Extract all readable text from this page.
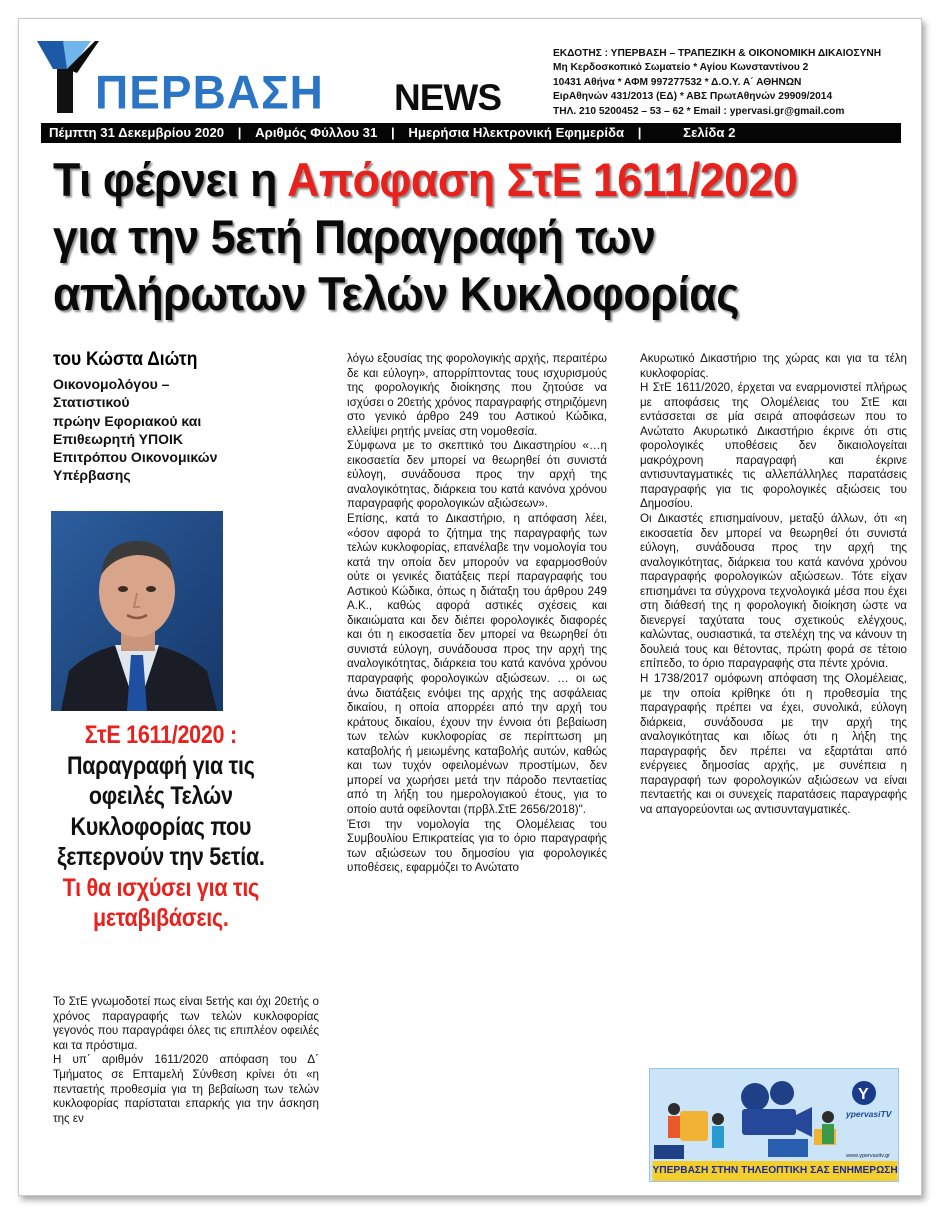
ΠΕΡΒΑΣΗ NEWS
ΕΚΔΟΤΗΣ : ΥΠΕΡΒΑΣΗ – ΤΡΑΠΕΖΙΚΗ & ΟΙΚΟΝΟΜΙΚΗ ΔΙΚΑΙΟΣΥΝΗ
Μη Κερδοσκοπικό Σωματείο * Αγίου Κωνσταντίνου 2
10431 Αθήνα * ΑΦΜ 997277532 * Δ.Ο.Υ. Α΄ ΑΘΗΝΩΝ
ΕιρΑθηνών 431/2013 (ΕΔ) * ΑΒΣ ΠρωτΑθηνών 29909/2014
ΤΗΛ. 210 5200452 – 53 – 62 * Email : ypervasi.gr@gmail.com
Πέμπτη 31 Δεκεμβρίου 2020 | Αριθμός Φύλλου 31 | Ημερήσια Ηλεκτρονική Εφημερίδα |	Σελίδα 2
Τι φέρνει η Απόφαση ΣτΕ 1611/2020
για την 5ετή Παραγραφή των
απλήρωτων Τελών Κυκλοφορίας
του Κώστα Διώτη
Οικονομολόγου –
Στατιστικού
πρώην Εφοριακού και
Επιθεωρητή ΥΠΟΙΚ
Επιτρόπου Οικονομικών
Υπέρβασης
ΣτΕ 1611/2020 :
Παραγραφή για τις οφειλές Τελών Κυκλοφορίας που ξεπερνούν την 5ετία.
Τι θα ισχύσει για τις μεταβιβάσεις.

Το ΣτΕ γνωμοδοτεί πως είναι 5ετής και όχι 20ετής ο χρόνος παραγραφής των τελών κυκλοφορίας γεγονός που παραγράφει όλες τις επιπλέον οφειλές και τα πρόστιμα.

Η υπ΄ αριθμόν 1611/2020 απόφαση του Δ΄ Τμήματος σε Επταμελή Σύνθεση κρίνει ότι «η πενταετής προθεσμία για τη βεβαίωση των τελών κυκλοφορίας παρίσταται επαρκής για την άσκηση της εν

λόγω εξουσίας της φορολογικής αρχής, περαιτέρω δε και εύλογη», απορρίπτοντας τους ισχυρισμούς της φορολογικής διοίκησης που ζητούσε να ισχύσει ο 20ετής χρόνος παραγραφής στηριζόμενη στο γενικό άρθρο 249 του Αστικού Κώδικα, ελλείψει ρητής μνείας στη νομοθεσία.

Σύμφωνα με το σκεπτικό του Δικαστηρίου «…η εικοσαετία δεν μπορεί να θεωρηθεί ότι συνιστά εύλογη, συνάδουσα προς την αρχή της αναλογικότητας, διάρκεια του κατά κανόνα χρόνου παραγραφής φορολογικών αξιώσεων».

Επίσης, κατά το Δικαστήριο, η απόφαση λέει, «όσον αφορά το ζήτημα της παραγραφής των τελών κυκλοφορίας, επανέλαβε την νομολογία του κατά την οποία δεν μπορούν να εφαρμοσθούν ούτε οι γενικές διατάξεις περί παραγραφής του Αστικού Κώδικα, όπως η διάταξη του άρθρου 249 Α.Κ., καθώς αφορά αστικές σχέσεις και δικαιώματα και δεν διέπει φορολογικές διαφορές και ότι η εικοσαετία δεν μπορεί να θεωρηθεί ότι συνιστά εύλογη, συνάδουσα προς την αρχή της αναλογικότητας, διάρκεια του κατά κανόνα χρόνου παραγραφής φορολογικών αξιώσεων. … οι ως άνω διατάξεις ενόψει της αρχής της ασφάλειας δικαίου, η οποία απορρέει από την αρχή του κράτους δικαίου, έχουν την έννοια ότι βεβαίωση των τελών κυκλοφορίας σε περίπτωση μη καταβολής ή μειωμένης καταβολής αυτών, καθώς και των τυχόν οφειλομένων προστίμων, δεν μπορεί να χωρήσει μετά την πάροδο πενταετίας από τη λήξη του ημερολογιακού έτους, για το οποίο αυτά οφείλονται (πρβλ.ΣτΕ 2656/2018)".

Έτσι την νομολογία της Ολομέλειας του Συμβουλίου Επικρατείας για το όριο παραγραφής των αξιώσεων του δημοσίου για φορολογικές υποθέσεις, εφαρμόζει το Ανώτατο

Ακυρωτικό Δικαστήριο της χώρας και για τα τέλη κυκλοφορίας.

Η ΣτΕ 1611/2020, έρχεται να εναρμονιστεί πλήρως με αποφάσεις της Ολομέλειας του ΣτΕ και εντάσσεται σε μία σειρά αποφάσεων που το Ανώτατο Ακυρωτικό Δικαστήριο έκρινε ότι στις φορολογικές υποθέσεις δεν δικαιολογείται μακρόχρονη παραγραφή και έκρινε αντισυνταγματικές τις αλλεπάλληλες παρατάσεις παραγραφής για τις φορολογικές αξιώσεις του Δημοσίου.

Οι Δικαστές επισημαίνουν, μεταξύ άλλων, ότι «η εικοσαετία δεν μπορεί να θεωρηθεί ότι συνιστά εύλογη, συνάδουσα προς την αρχή της αναλογικότητας, διάρκεια του κατά κανόνα χρόνου παραγραφής φορολογικών αξιώσεων. Τότε είχαν επισημάνει τα σύγχρονα τεχνολογικά μέσα που έχει στη διάθεσή της η φορολογική διοίκηση ώστε να διενεργεί ταχύτατα τους σχετικούς ελέγχους, καλώντας, ουσιαστικά, τα στελέχη της να κάνουν τη δουλειά τους και θέτοντας, πρώτη φορά σε τέτοιο επίπεδο, το όριο παραγραφής στα πέντε χρόνια.

Η 1738/2017 ομόφωνη απόφαση της Ολομέλειας, με την οποία κρίθηκε ότι η προθεσμία της παραγραφής πρέπει να έχει, συνολικά, εύλογη διάρκεια, συνάδουσα με την αρχή της αναλογικότητας και ιδίως ότι η λήξη της παραγραφής δεν πρέπει να εξαρτάται από ενέργειες δημοσίας αρχής, με συνέπεια η παραγραφή των φορολογικών αξιώσεων να είναι πενταετής και οι συνεχείς παρατάσεις παραγραφής να απαγορεύονται ως αντισυνταγματικές.

Y
ypervasiTV
www.ypervasitv.gr
ΥΠΕΡΒΑΣΗ ΣΤΗΝ ΤΗΛΕΟΠΤΙΚΗ ΣΑΣ ΕΝΗΜΕΡΩΣΗ
